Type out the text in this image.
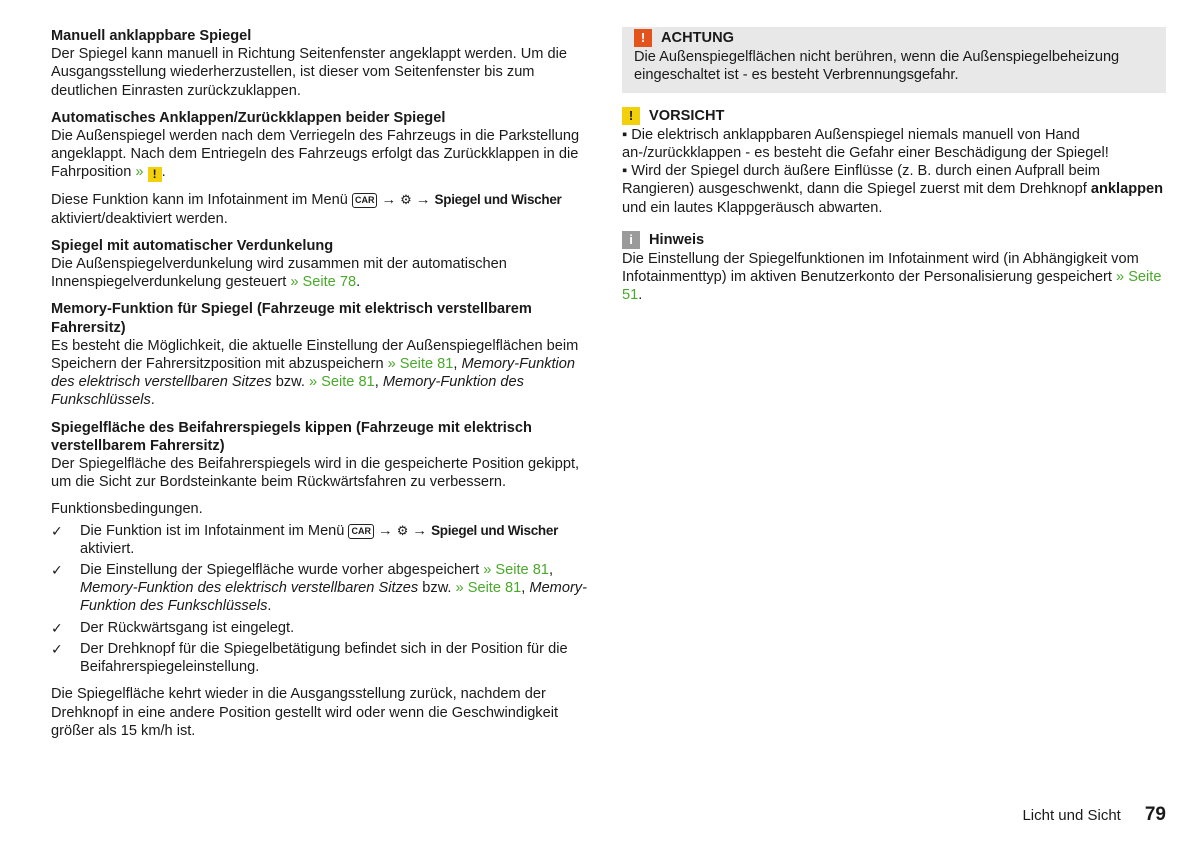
Manuell anklappbare Spiegel

Der Spiegel kann manuell in Richtung Seitenfenster angeklappt werden. Um die Ausgangsstellung wiederherzustellen, ist dieser vom Seitenfenster bis zum deutlichen Einrasten zurückzuklappen.

Automatisches Anklappen/Zurückklappen beider Spiegel

Die Außenspiegel werden nach dem Verriegeln des Fahrzeugs in die Parkstellung angeklappt. Nach dem Entriegeln des Fahrzeugs erfolgt das Zurückklappen in die Fahrposition » ! .

Diese Funktion kann im Infotainment im Menü CAR → ⚙ → Spiegel und Wischer aktiviert/deaktiviert werden.

Spiegel mit automatischer Verdunkelung

Die Außenspiegelverdunkelung wird zusammen mit der automatischen Innenspiegelverdunkelung gesteuert » Seite 78.

Memory-Funktion für Spiegel (Fahrzeuge mit elektrisch verstellbarem Fahrersitz)

Es besteht die Möglichkeit, die aktuelle Einstellung der Außenspiegelflächen beim Speichern der Fahrersitzposition mit abzuspeichern » Seite 81, Memory-Funktion des elektrisch verstellbaren Sitzes bzw. » Seite 81, Memory-Funktion des Funkschlüssels.

Spiegelfläche des Beifahrerspiegels kippen (Fahrzeuge mit elektrisch verstellbarem Fahrersitz)

Der Spiegelfläche des Beifahrerspiegels wird in die gespeicherte Position gekippt, um die Sicht zur Bordsteinkante beim Rückwärtsfahren zu verbessern.

Funktionsbedingungen.

✓ Die Funktion ist im Infotainment im Menü CAR → ⚙ → Spiegel und Wischer aktiviert.
✓ Die Einstellung der Spiegelfläche wurde vorher abgespeichert » Seite 81, Memory-Funktion des elektrisch verstellbaren Sitzes bzw. » Seite 81, Memory-Funktion des Funkschlüssels.
✓ Der Rückwärtsgang ist eingelegt.
✓ Der Drehknopf für die Spiegelbetätigung befindet sich in der Position für die Beifahrerspiegeleinstellung.

Die Spiegelfläche kehrt wieder in die Ausgangsstellung zurück, nachdem der Drehknopf in eine andere Position gestellt wird oder wenn die Geschwindigkeit größer als 15 km/h ist.

!	ACHTUNG

Die Außenspiegelflächen nicht berühren, wenn die Außenspiegelbeheizung eingeschaltet ist - es besteht Verbrennungsgefahr.

!	VORSICHT

▪ Die elektrisch anklappbaren Außenspiegel niemals manuell von Hand an-/zurückklappen - es besteht die Gefahr einer Beschädigung der Spiegel!

▪ Wird der Spiegel durch äußere Einflüsse (z. B. durch einen Aufprall beim Rangieren) ausgeschwenkt, dann die Spiegel zuerst mit dem Drehknopf anklappen und ein lautes Klappgeräusch abwarten.

i	Hinweis

Die Einstellung der Spiegelfunktionen im Infotainment wird (in Abhängigkeit vom Infotainmenttyp) im aktiven Benutzerkonto der Personalisierung gespeichert » Seite 51.

Licht und Sicht 79
